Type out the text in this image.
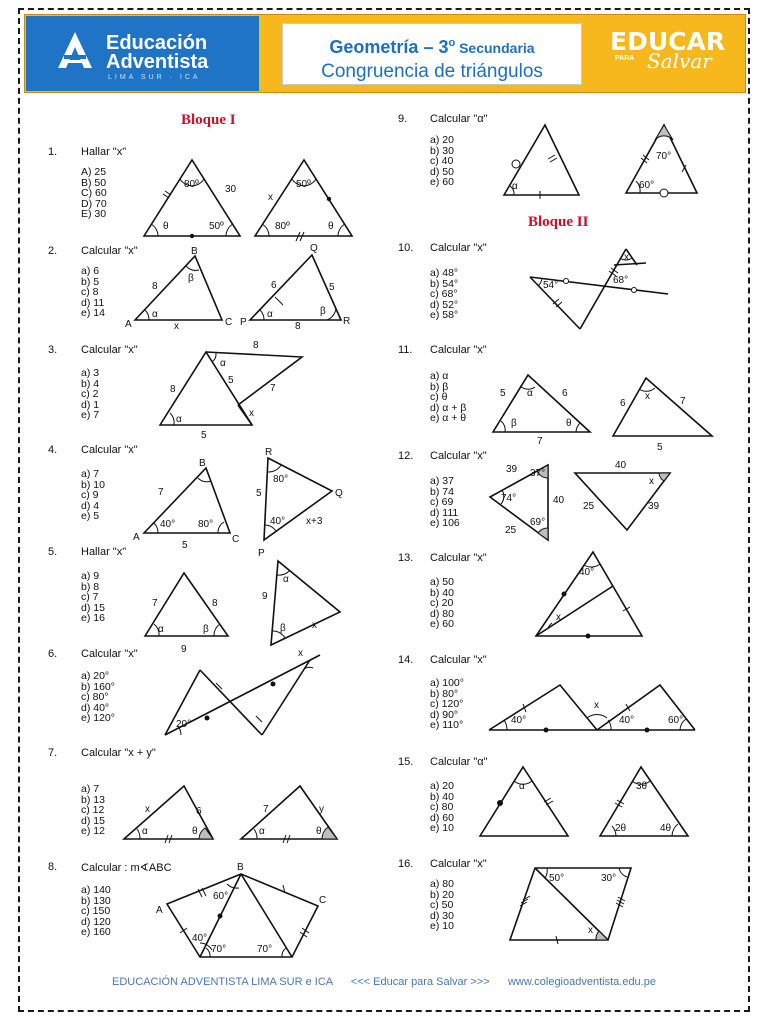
Educación
Adventista
LIMA SUR · ICA
Geometría – 3$^o$ Secundaria
Congruencia de triángulos
EDUCAR
PARA Salvar
Bloque I
Bloque II
1. Hallar "x"
A) 25
B) 50
C) 60
D) 70
E) 30
2. Calcular "x"
a) 6
b) 5
c) 8
d) 11
e) 14
3. Calcular "x"
a) 3
b) 4
c) 2
d) 1
e) 7
4. Calcular "x"
a) 7
b) 10
c) 9
d) 4
e) 5
5. Hallar "x"
a) 9
b) 8
c) 7
d) 15
e) 16
6. Calcular "x"
a) 20°
b) 160°
c) 80°
d) 40°
e) 120°
7. Calcular "x + y"
a) 7
b) 13
c) 12
d) 15
e) 12
8. Calcular : m∢ABC
a) 140
b) 130
c) 150
d) 120
e) 160
9. Calcular "α"
a) 20
b) 30
c) 40
d) 50
e) 60
10. Calcular "x"
a) 48°
b) 54°
c) 68°
d) 52°
e) 58°
11. Calcular "x"
a) α
b) β
c) θ
d) α + β
e) α + θ
12. Calcular "x"
a) 37
b) 74
c) 69
d) 111
e) 106
13. Calcular "x"
a) 50
b) 40
c) 20
d) 80
e) 60
14. Calcular "x"
a) 100°
b) 80°
c) 120°
d) 90°
e) 110°
15. Calcular "α"
a) 20
b) 40
c) 80
d) 60
e) 10
16. Calcular "x"
a) 80
b) 20
c) 50
d) 30
e) 10
80º	30
θ	50º
50º
x
80º	θ
B
8
β
A
α
x	C
Q
6	5
β
P
α
8	R
8
α
8
5
7
x
α
5
B
7
A
40° 80°
C
5
R
80°
5	Q
40° x+3
P
7	8
α	β
9
9
α
β	x
x
20°
x	6
α	θ
7	y
α	θ
B
A
C
60°
40°
70°	70°
α
70°
60°
x
54°	68°
5 α	6
β	θ
7
6
x	7
5
39 37°
74°	40
25
69°
40
x
25	39
40°
x
40°
x
40°	60°
α	3θ
2θ	4θ
50°	30°
x
EDUCACIÓN ADVENTISTA LIMA SUR e ICA      <<< Educar para Salvar >>>      www.colegioadventista.edu.pe
